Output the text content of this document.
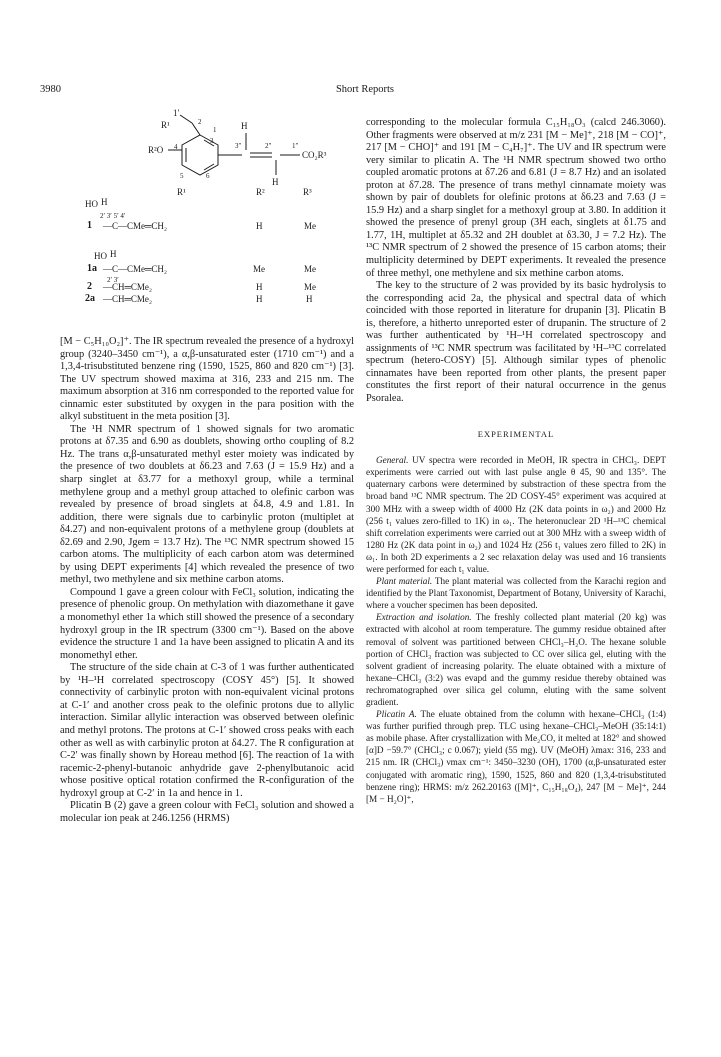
3980	Short Reports
1′
2
1
R¹
R²O 4
5	6
3
H
3″	2″	1″
CO₂R³
H
R¹	R²	R³
HO H
2′ 3′ 5′ 4′
1 —C—CMe═CH₂	H	Me
HO H
1a —C—CMe═CH₂	Me	Me
2′ 3′
2 —CH═CMe₂	H	Me
2a —CH═CMe₂	H	H

[M − C₅H₁₀O₂]⁺. The IR spectrum revealed the presence of a hydroxyl group (3240–3450 cm⁻¹), a α,β-unsaturated ester (1710 cm⁻¹) and a 1,3,4-trisubstituted benzene ring (1590, 1525, 860 and 820 cm⁻¹) [3]. The UV spectrum showed maxima at 316, 233 and 215 nm. The maximum absorption at 316 nm corresponded to the reported value for cinnamic ester substituted by oxygen in the para position with the alkyl substituent in the meta position [3].

The ¹H NMR spectrum of 1 showed signals for two aromatic protons at δ7.35 and 6.90 as doublets, showing ortho coupling of 8.2 Hz. The trans α,β-unsaturated methyl ester moiety was indicated by the presence of two doublets at δ6.23 and 7.63 (J = 15.9 Hz) and a sharp singlet at δ3.77 for a methoxyl group, while a terminal methylene group and a methyl group attached to olefinic carbon was revealed by presence of broad singlets at δ4.8, 4.9 and 1.81. In addition, there were signals due to carbinylic proton (multiplet at δ4.27) and non-equivalent protons of a methylene group (doublets at δ2.69 and 2.90, Jgem = 13.7 Hz). The ¹³C NMR spectrum showed 15 carbon atoms. The multiplicity of each carbon atom was determined by using DEPT experiments [4] which revealed the presence of two methyl, two methylene and six methine carbon atoms.

Compound 1 gave a green colour with FeCl₃ solution, indicating the presence of phenolic group. On methylation with diazomethane it gave a monomethyl ether 1a which still showed the presence of a secondary hydroxyl group in the IR spectrum (3300 cm⁻¹). Based on the above evidence the structure 1 and 1a have been assigned to plicatin A and its monomethyl ether.

The structure of the side chain at C-3 of 1 was further authenticated by ¹H–¹H correlated spectroscopy (COSY 45°) [5]. It showed connectivity of carbinylic proton with non-equivalent vicinal protons at C-1′ and another cross peak to the olefinic protons due to allylic interaction. Similar allylic interaction was observed between olefinic and methyl protons. The protons at C-1′ showed cross peaks with each other as well as with carbinylic proton at δ4.27. The R configuration at C-2′ was finally shown by Horeau method [6]. The reaction of 1a with racemic-2-phenyl-butanoic anhydride gave 2-phenylbutanoic acid whose positive optical rotation confirmed the R-configuration of the hydroxyl group at C-2′ in 1a and hence in 1.

Plicatin B (2) gave a green colour with FeCl₃ solution and showed a molecular ion peak at 246.1256 (HRMS)

corresponding to the molecular formula C₁₅H₁₈O₃ (calcd 246.3060). Other fragments were observed at m/z 231 [M − Me]⁺, 218 [M − CO]⁺, 217 [M − CHO]⁺ and 191 [M − C₄H₇]⁺. The UV and IR spectrum were very similar to plicatin A. The ¹H NMR spectrum showed two ortho coupled aromatic protons at δ7.26 and 6.81 (J = 8.7 Hz) and an isolated proton at δ7.28. The presence of trans methyl cinnamate moiety was shown by pair of doublets for olefinic protons at δ6.23 and 7.63 (J = 15.9 Hz) and a sharp singlet for a methoxyl group at 3.80. In addition it showed the presence of prenyl group (3H each, singlets at δ1.75 and 1.77, 1H, multiplet at δ5.32 and 2H doublet at δ3.30, J = 7.2 Hz). The ¹³C NMR spectrum of 2 showed the presence of 15 carbon atoms; their multiplicity determined by DEPT experiments. It revealed the presence of three methyl, one methylene and six methine carbon atoms.

The key to the structure of 2 was provided by its basic hydrolysis to the corresponding acid 2a, the physical and spectral data of which coincided with those reported in literature for drupanin [3]. Plicatin B is, therefore, a hitherto unreported ester of drupanin. The structure of 2 was further authenticated by ¹H–¹H correlated spectroscopy and assignments of ¹³C NMR spectrum was facilitated by ¹H–¹³C correlated spectrum (hetero-COSY) [5]. Although similar types of phenolic cinnamates have been reported from other plants, the present paper constitutes the first report of their natural occurrence in the genus Psoralea.

EXPERIMENTAL

General. UV spectra were recorded in MeOH, IR spectra in CHCl₃. DEPT experiments were carried out with last pulse angle θ 45, 90 and 135°. The quaternary carbons were determined by substraction of these spectra from the broad band ¹³C NMR spectrum. The 2D COSY-45° experiment was acquired at 300 MHz with a sweep width of 4000 Hz (2K data points in ω₂) and 2000 Hz (256 t₁ values zero-filled to 1K) in ω₁. The heteronuclear 2D ¹H–¹³C chemical shift correlation experiments were carried out at 300 MHz with a sweep width of 1280 Hz (2K data point in ω₂) and 1024 Hz (256 t₁ values zero filled to 2K) in ω₁. In both 2D experiments a 2 sec relaxation delay was used and 16 transients were performed for each t₁ value.

Plant material. The plant material was collected from the Karachi region and identified by the Plant Taxonomist, Department of Botany, University of Karachi, where a voucher specimen has been deposited.

Extraction and isolation. The freshly collected plant material (20 kg) was extracted with alcohol at room temperature. The gummy residue obtained after removal of solvent was partitioned between CHCl₃–H₂O. The hexane soluble portion of CHCl₃ fraction was subjected to CC over silica gel, eluting with the solvent gradient of increasing polarity. The eluate obtained with a mixture of hexane–CHCl₃ (3:2) was evapd and the gummy residue thereby obtained was rechromatographed over silica gel column, eluting with the same solvent gradient.

Plicatin A. The eluate obtained from the column with hexane–CHCl₃ (1:4) was further purified through prep. TLC using hexane–CHCl₃–MeOH (35:14:1) as mobile phase. After crystallization with Me₂CO, it melted at 182° and showed [α]D −59.7° (CHCl₃; c 0.067); yield (55 mg). UV (MeOH) λmax: 316, 233 and 215 nm. IR (CHCl₃) νmax cm⁻¹: 3450–3230 (OH), 1700 (α,β-unsaturated ester conjugated with aromatic ring), 1590, 1525, 860 and 820 (1,3,4-trisubstituted benzene ring); HRMS: m/z 262.20163 ([M]⁺, C₁₅H₁₈O₄), 247 [M − Me]⁺, 244 [M − H₂O]⁺,
